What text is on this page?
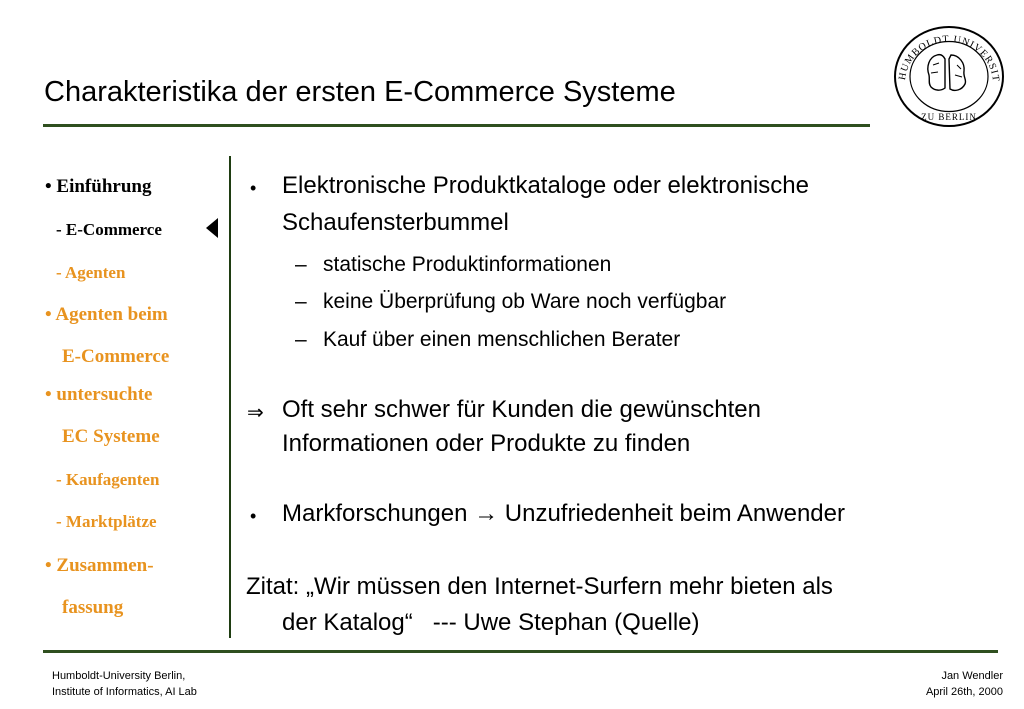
Charakteristika der ersten E-Commerce Systeme
HUMBOLDT UNIVERSIT
ZU BERLIN
• Einführung
- E-Commerce
- Agenten
• Agenten beim
E-Commerce
• untersuchte
EC Systeme
- Kaufagenten
- Marktplätze
• Zusammen-
fassung
• Elektronische Produktkataloge oder elektronische
Schaufensterbummel
– statische Produktinformationen
– keine Überprüfung ob Ware noch verfügbar
– Kauf über einen menschlichen Berater
⇒ Oft sehr schwer für Kunden die gewünschten
Informationen oder Produkte zu finden
• Markforschungen → Unzufriedenheit beim Anwender
Zitat: „Wir müssen den Internet-Surfern mehr bieten als
der Katalog“   --- Uwe Stephan (Quelle)
Humboldt-University Berlin,
Institute of Informatics, AI Lab
Jan Wendler
April 26th, 2000
